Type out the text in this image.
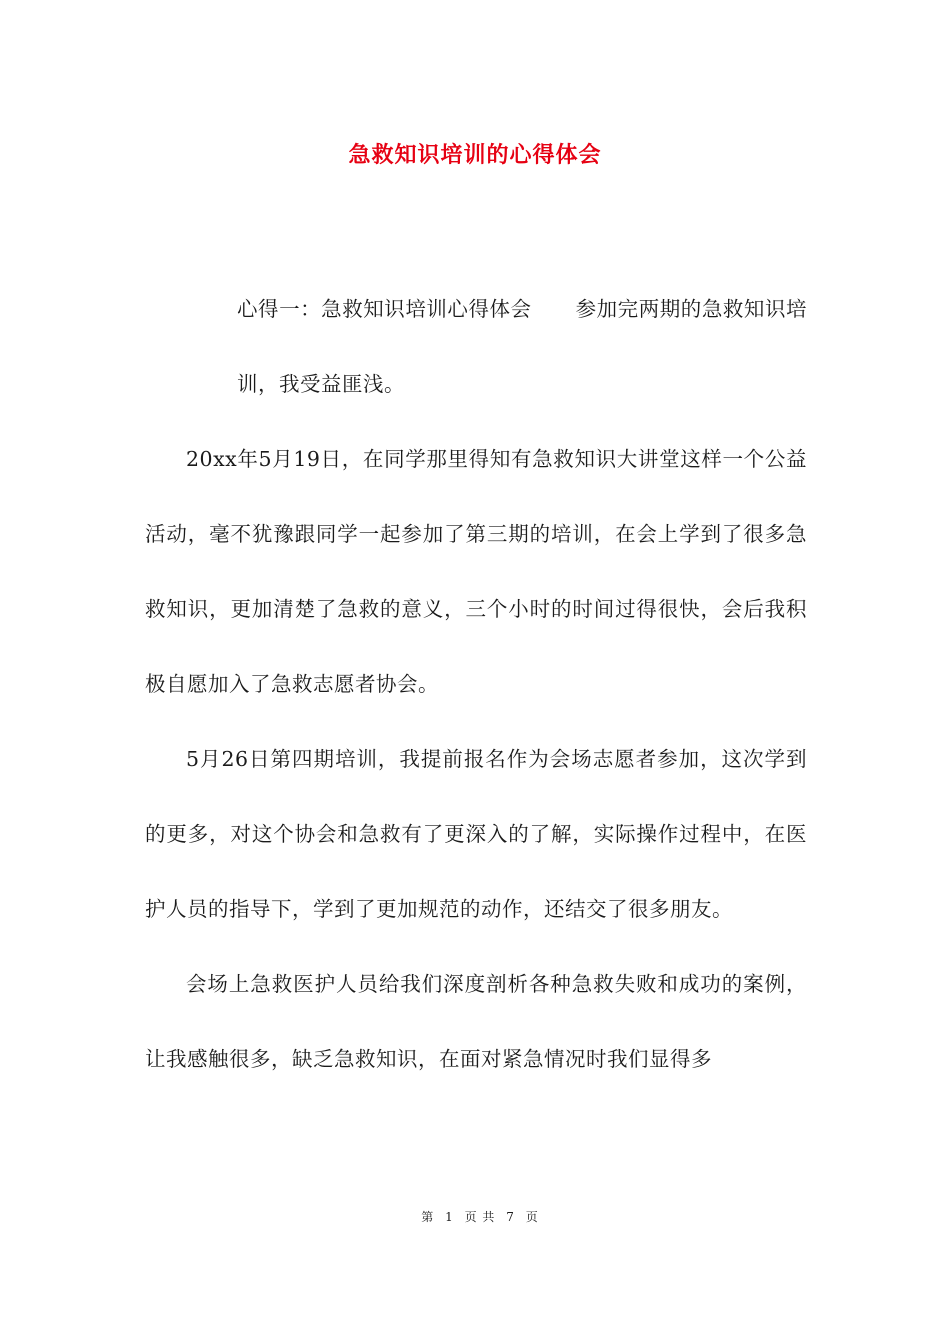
急救知识培训的心得体会

心得一：急救知识培训心得体会 参加完两期的急救知识培训，我受益匪浅。

20xx年5月19日，在同学那里得知有急救知识大讲堂这样一个公益活动，毫不犹豫跟同学一起参加了第三期的培训，在会上学到了很多急救知识，更加清楚了急救的意义，三个小时的时间过得很快，会后我积极自愿加入了急救志愿者协会。

5月26日第四期培训，我提前报名作为会场志愿者参加，这次学到的更多，对这个协会和急救有了更深入的了解，实际操作过程中，在医护人员的指导下，学到了更加规范的动作，还结交了很多朋友。

会场上急救医护人员给我们深度剖析各种急救失败和成功的案例，让我感触很多，缺乏急救知识，在面对紧急情况时我们显得多

第 1 页 共 7 页
